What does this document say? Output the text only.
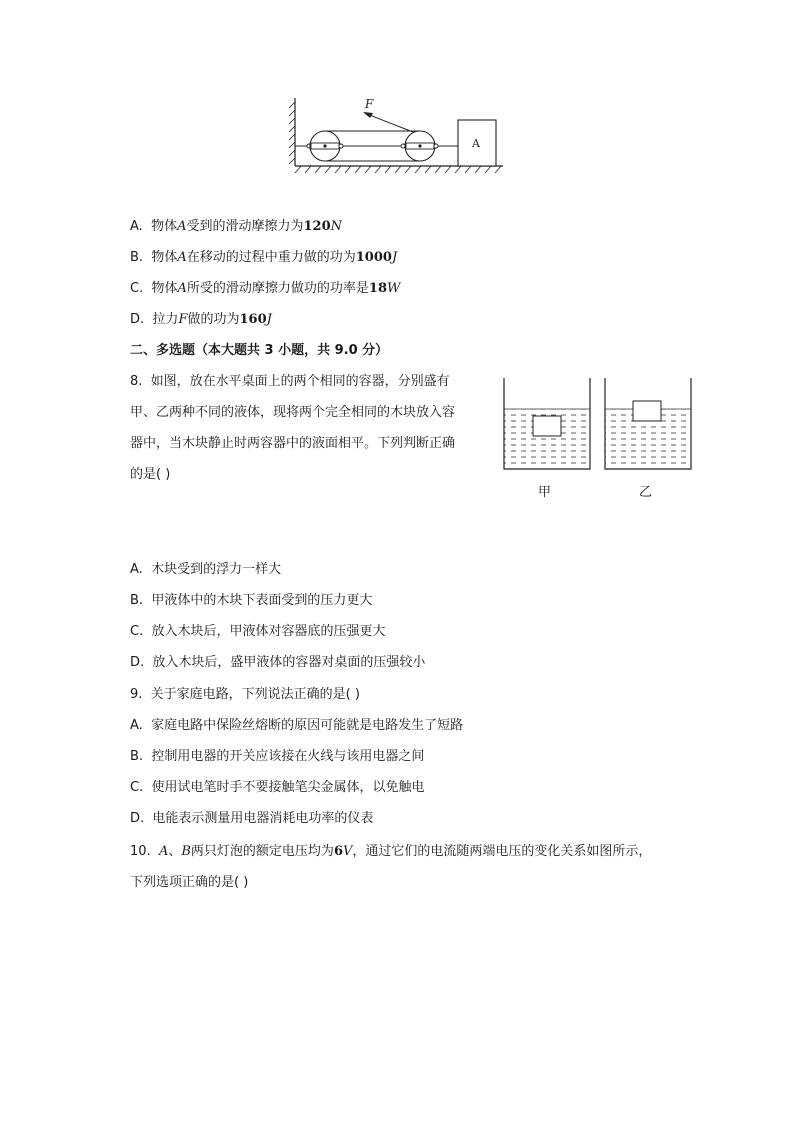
F
A
A. 物体A受到的滑动摩擦力为120N
B. 物体A在移动的过程中重力做的功为1000J
C. 物体A所受的滑动摩擦力做功的功率是18W
D. 拉力F做的功为160J
二、多选题（本大题共 3 小题，共 9.0 分）
8. 如图，放在水平桌面上的两个相同的容器，分别盛有
甲、乙两种不同的液体，现将两个完全相同的木块放入容
器中，当木块静止时两容器中的液面相平。下列判断正确
的是( )
甲	乙
A. 木块受到的浮力一样大
B. 甲液体中的木块下表面受到的压力更大
C. 放入木块后，甲液体对容器底的压强更大
D. 放入木块后，盛甲液体的容器对桌面的压强较小
9. 关于家庭电路，下列说法正确的是( )
A. 家庭电路中保险丝熔断的原因可能就是电路发生了短路
B. 控制用电器的开关应该接在火线与该用电器之间
C. 使用试电笔时手不要接触笔尖金属体，以免触电
D. 电能表示测量用电器消耗电功率的仪表
10. A、B两只灯泡的额定电压均为6V，通过它们的电流随两端电压的变化关系如图所示，
下列选项正确的是( )
